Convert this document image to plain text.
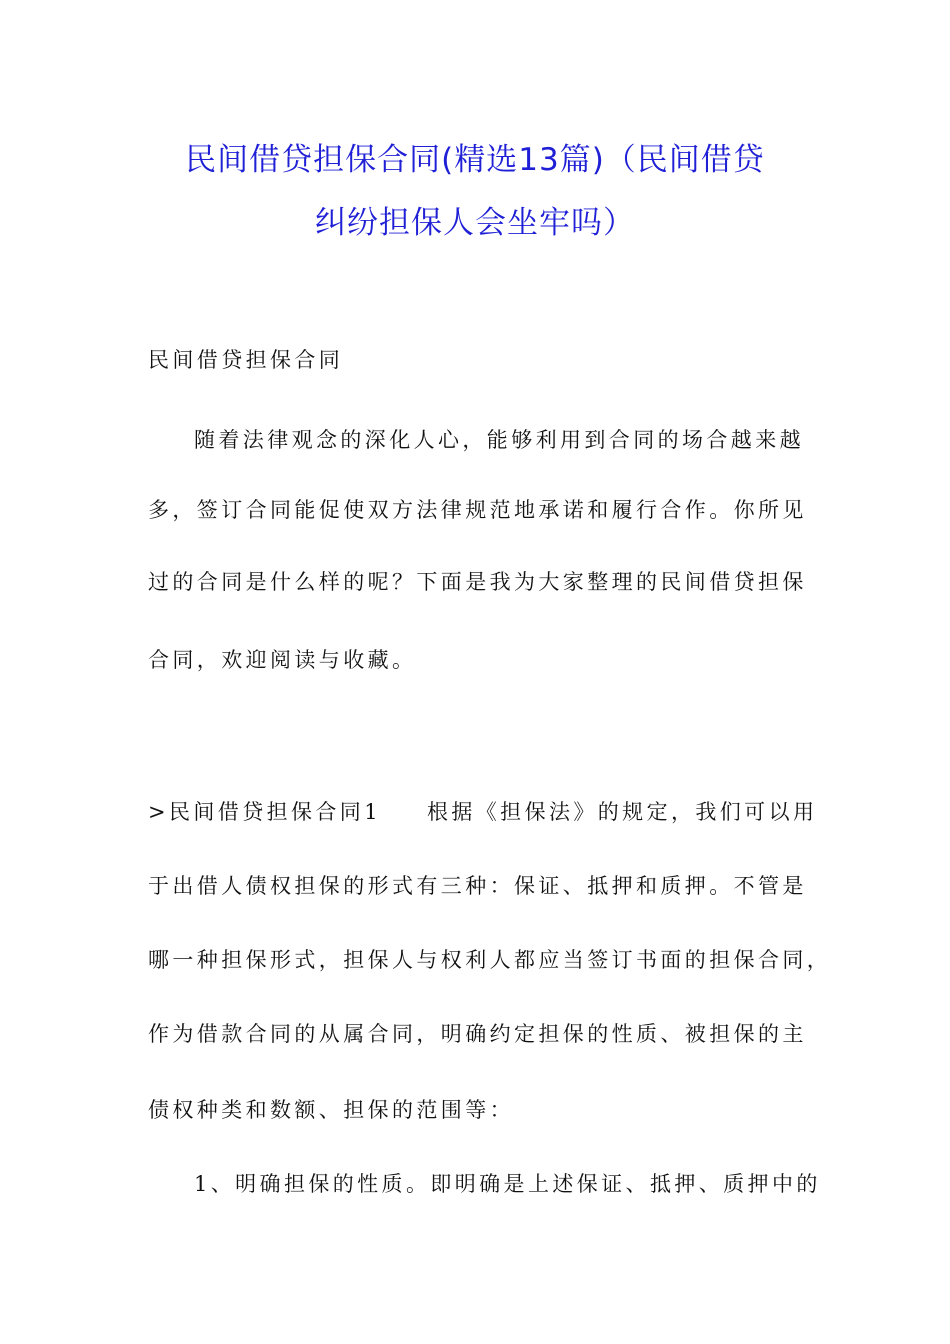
民间借贷担保合同(精选13篇)（民间借贷
纠纷担保人会坐牢吗）

民间借贷担保合同

随着法律观念的深化人心，能够利用到合同的场合越来越

多，签订合同能促使双方法律规范地承诺和履行合作。你所见

过的合同是什么样的呢？下面是我为大家整理的民间借贷担保

合同，欢迎阅读与收藏。

>民间借贷担保合同1 根据《担保法》的规定，我们可以用

于出借人债权担保的形式有三种：保证、抵押和质押。不管是

哪一种担保形式，担保人与权利人都应当签订书面的担保合同，

作为借款合同的从属合同，明确约定担保的性质、被担保的主

债权种类和数额、担保的范围等：

1、明确担保的性质。即明确是上述保证、抵押、质押中的
